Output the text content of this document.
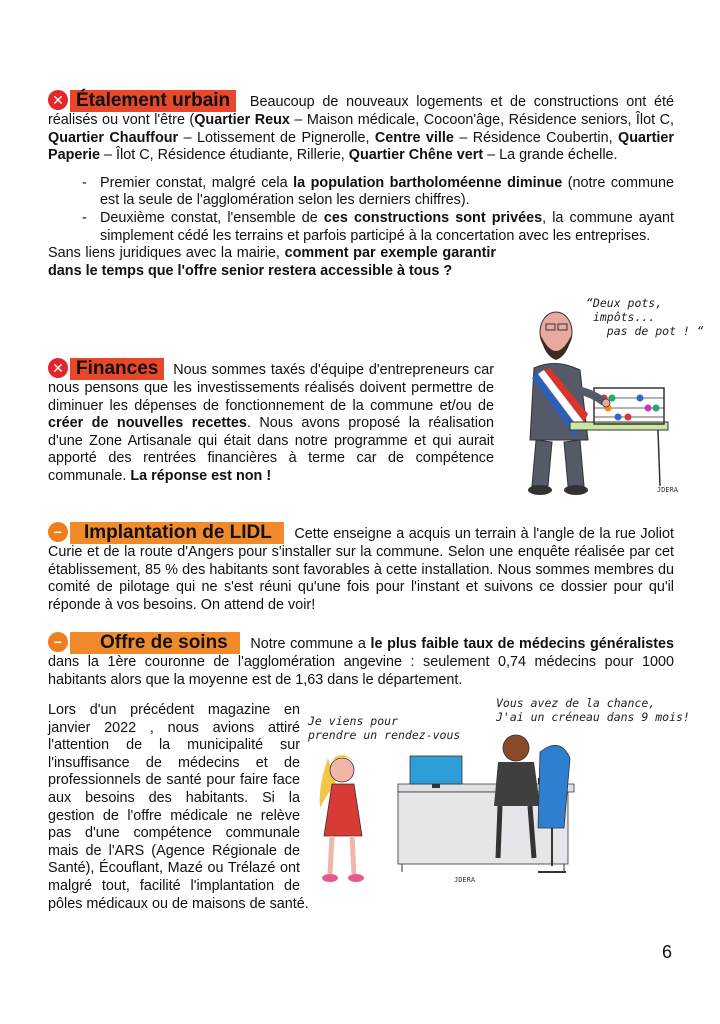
✕ Étalement urbain Beaucoup de nouveaux logements et de constructions ont été réalisés ou vont l'être (Quartier Reux – Maison médicale, Cocoon'âge, Résidence seniors, Îlot C, Quartier Chauffour – Lotissement de Pignerolle, Centre ville – Résidence Coubertin, Quartier Paperie – Îlot C, Résidence étudiante, Rillerie, Quartier Chêne vert – La grande échelle.
- Premier constat, malgré cela la population bartholoméenne diminue (notre commune est la seule de l'agglomération selon les derniers chiffres).
- Deuxième constat, l'ensemble de ces constructions sont privées, la commune ayant simplement cédé les terrains et parfois participé à la concertation avec les entreprises.
Sans liens juridiques avec la mairie, comment par exemple garantir dans le temps que l'offre senior restera accessible à tous ?
✕ Finances Nous sommes taxés d'équipe d'entrepreneurs car nous pensons que les investissements réalisés doivent permettre de diminuer les dépenses de fonctionnement de la commune et/ou de créer de nouvelles recettes. Nous avons proposé la réalisation d'une Zone Artisanale qui était dans notre programme et qui aurait apporté des rentrées financières à terme car de compétence communale. La réponse est non !
“Deux pots,
impôts...
pas de pot ! “
JDERA
−	Implantation de LIDL Cette enseigne a acquis un terrain à l'angle de la rue Joliot Curie et de la route d'Angers pour s'installer sur la commune. Selon une enquête réalisée par cet établissement, 85 % des habitants sont favorables à cette installation. Nous sommes membres du comité de pilotage qui ne s'est réuni qu'une fois pour l'instant et suivons ce dossier pour qu'il réponde à vos besoins. On attend de voir!
−	Offre de soins Notre commune a le plus faible taux de médecins généralistes dans la 1ère couronne de l'agglomération angevine : seulement 0,74 médecins pour 1000 habitants alors que la moyenne est de 1,63 dans le département.
Lors d'un précédent magazine en janvier 2022 , nous avions attiré l'attention de la municipalité sur l'insuffisance de médecins et de professionnels de santé pour faire face aux besoins des habitants. Si la gestion de l'offre médicale ne relève pas d'une compétence communale mais de l'ARS (Agence Régionale de Santé), Écouflant, Mazé ou Trélazé ont malgré tout, facilité l'implantation de pôles médicaux ou de maisons de santé.
Je viens pour
prendre un rendez-vous
Vous avez de la chance,
J'ai un créneau dans 9 mois!
JDERA
6
